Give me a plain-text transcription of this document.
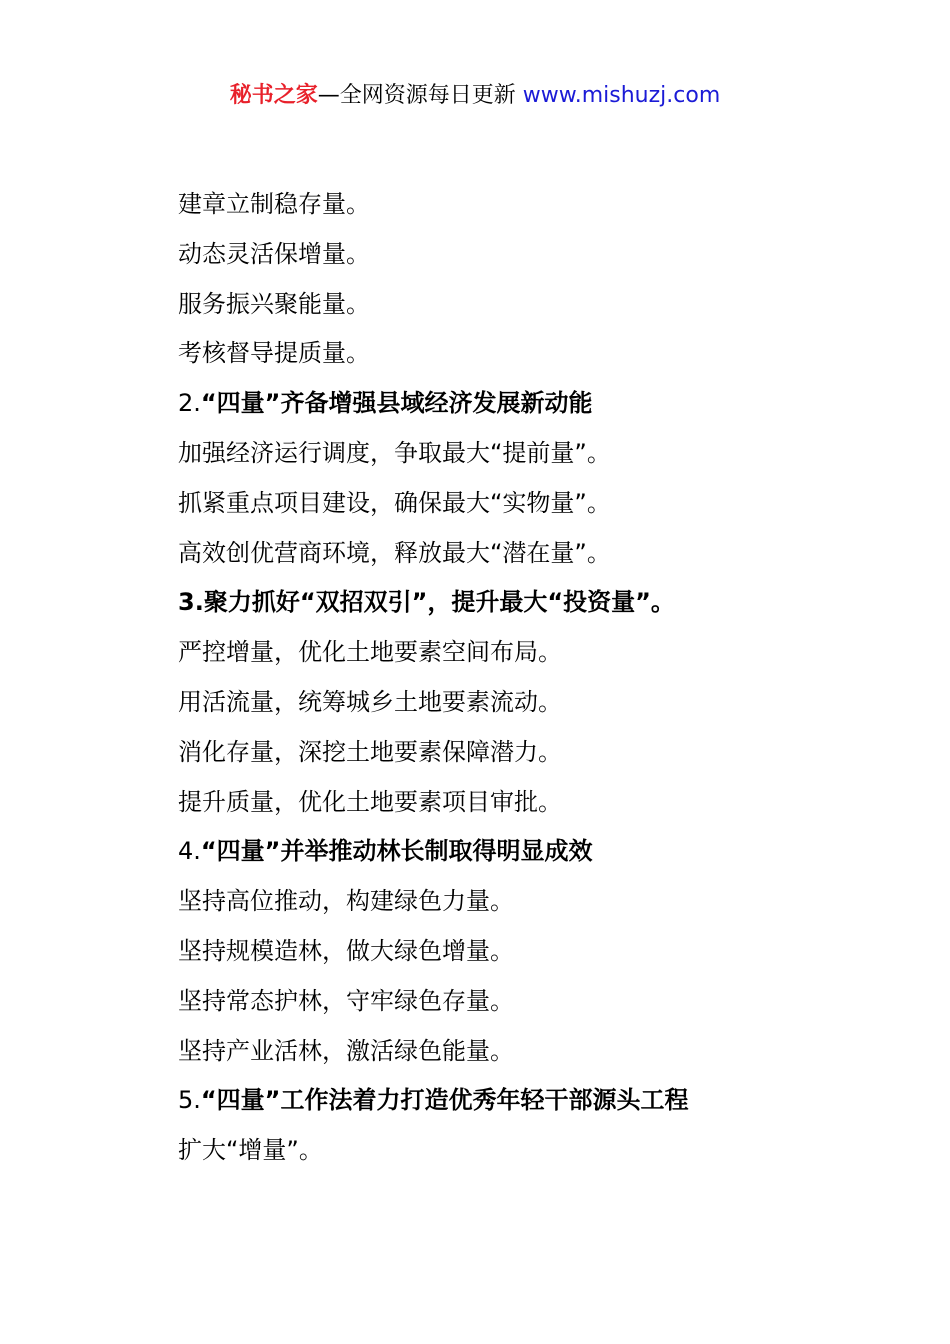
秘书之家—全网资源每日更新 www.mishuzj.com
建章立制稳存量。
动态灵活保增量。
服务振兴聚能量。
考核督导提质量。
2.“四量”齐备增强县域经济发展新动能
加强经济运行调度，争取最大“提前量”。
抓紧重点项目建设，确保最大“实物量”。
高效创优营商环境，释放最大“潜在量”。
3.聚力抓好“双招双引”，提升最大“投资量”。
严控增量，优化土地要素空间布局。
用活流量，统筹城乡土地要素流动。
消化存量，深挖土地要素保障潜力。
提升质量，优化土地要素项目审批。
4.“四量”并举推动林长制取得明显成效
坚持高位推动，构建绿色力量。
坚持规模造林，做大绿色增量。
坚持常态护林，守牢绿色存量。
坚持产业活林，激活绿色能量。
5.“四量”工作法着力打造优秀年轻干部源头工程
扩大“增量”。
